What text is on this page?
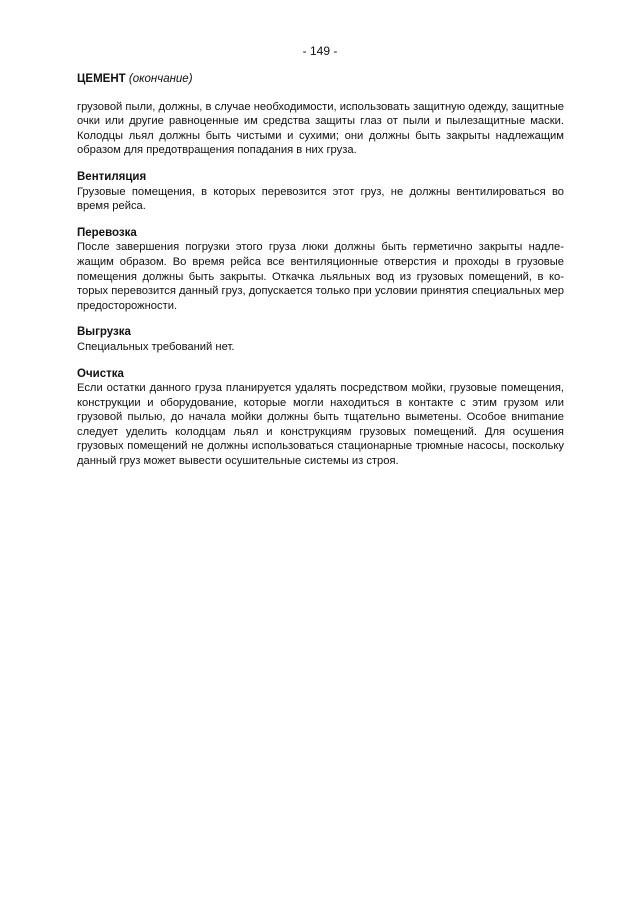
- 149 -
ЦЕМЕНТ (окончание)

грузовой пыли, должны, в случае необходимости, использовать защитную одежду, защитные очки или другие равноценные им средства защиты глаз от пыли и пылезащитные маски. Колодцы льял должны быть чистыми и сухими; они должны быть закрыты надлежащим образом для предотвращения попадания в них груза.

Вентиляция

Грузовые помещения, в которых перевозится этот груз, не должны вентилироваться во время рейса.

Перевозка

После завершения погрузки этого груза люки должны быть герметично закрыты надлежащим образом. Во время рейса все вентиляционные отверстия и проходы в грузовые помещения должны быть закрыты. Откачка льяльных вод из грузовых помещений, в которых перевозится данный груз, допускается только при условии принятия специальных мер предосторожности.

Выгрузка

Специальных требований нет.

Очистка

Если остатки данного груза планируется удалять посредством мойки, грузовые помещения, конструкции и оборудование, которые могли находиться в контакте с этим грузом или грузовой пылью, до начала мойки должны быть тщательно выметены. Особое вниmание следует уделить колодцам льял и конструкциям грузовых помещений. Для осушения грузовых помещений не должны использоваться стационарные трюмные насосы, поскольку данный груз может вывести осушительные системы из строя.
